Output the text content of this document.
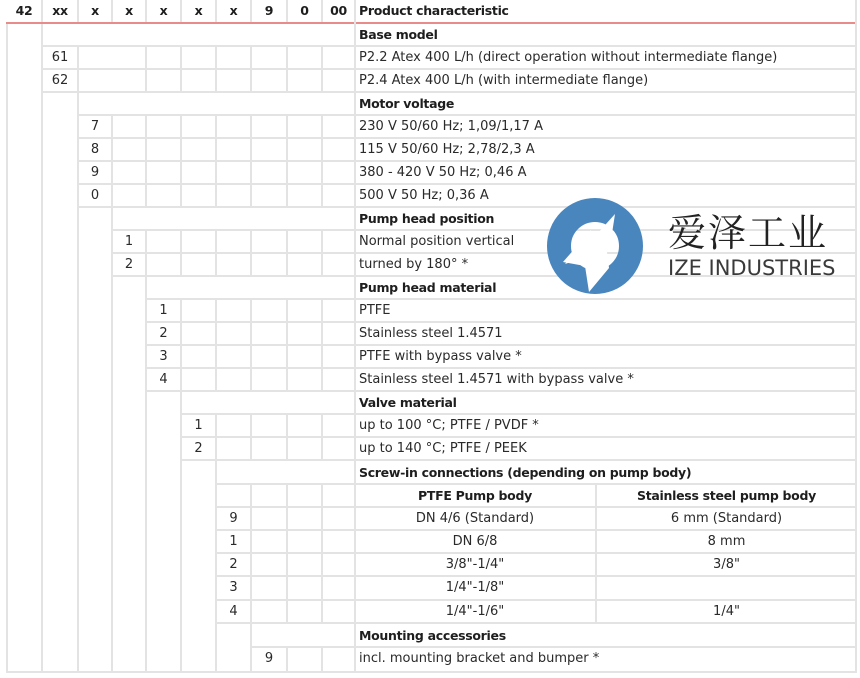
42	xx	x	x	x	x	x	9	0	00 Product characteristic
Base model
61	P2.2 Atex 400 L/h (direct operation without intermediate flange)
62	P2.4 Atex 400 L/h (with intermediate flange)
Motor voltage
7	230 V 50/60 Hz; 1,09/1,17 A
8	115 V 50/60 Hz; 2,78/2,3 A
9	380 - 420 V 50 Hz; 0,46 A
0	500 V 50 Hz; 0,36 A
Pump head position
1	Normal position vertical
2	turned by 180° *
Pump head material
1	PTFE
2	Stainless steel 1.4571
3	PTFE with bypass valve *
4	Stainless steel 1.4571 with bypass valve *
Valve material
1	up to 100 °C; PTFE / PVDF *
2	up to 140 °C; PTFE / PEEK
Screw-in connections (depending on pump body)
PTFE Pump body	Stainless steel pump body
9	DN 4/6 (Standard)	6 mm (Standard)
1	DN 6/8	8 mm
2	3/8"-1/4"	3/8"
3	1/4"-1/8"
4	1/4"-1/6"	1/4"
Mounting accessories
9	incl. mounting bracket and bumper *
爱泽工业
IZE INDUSTRIES
